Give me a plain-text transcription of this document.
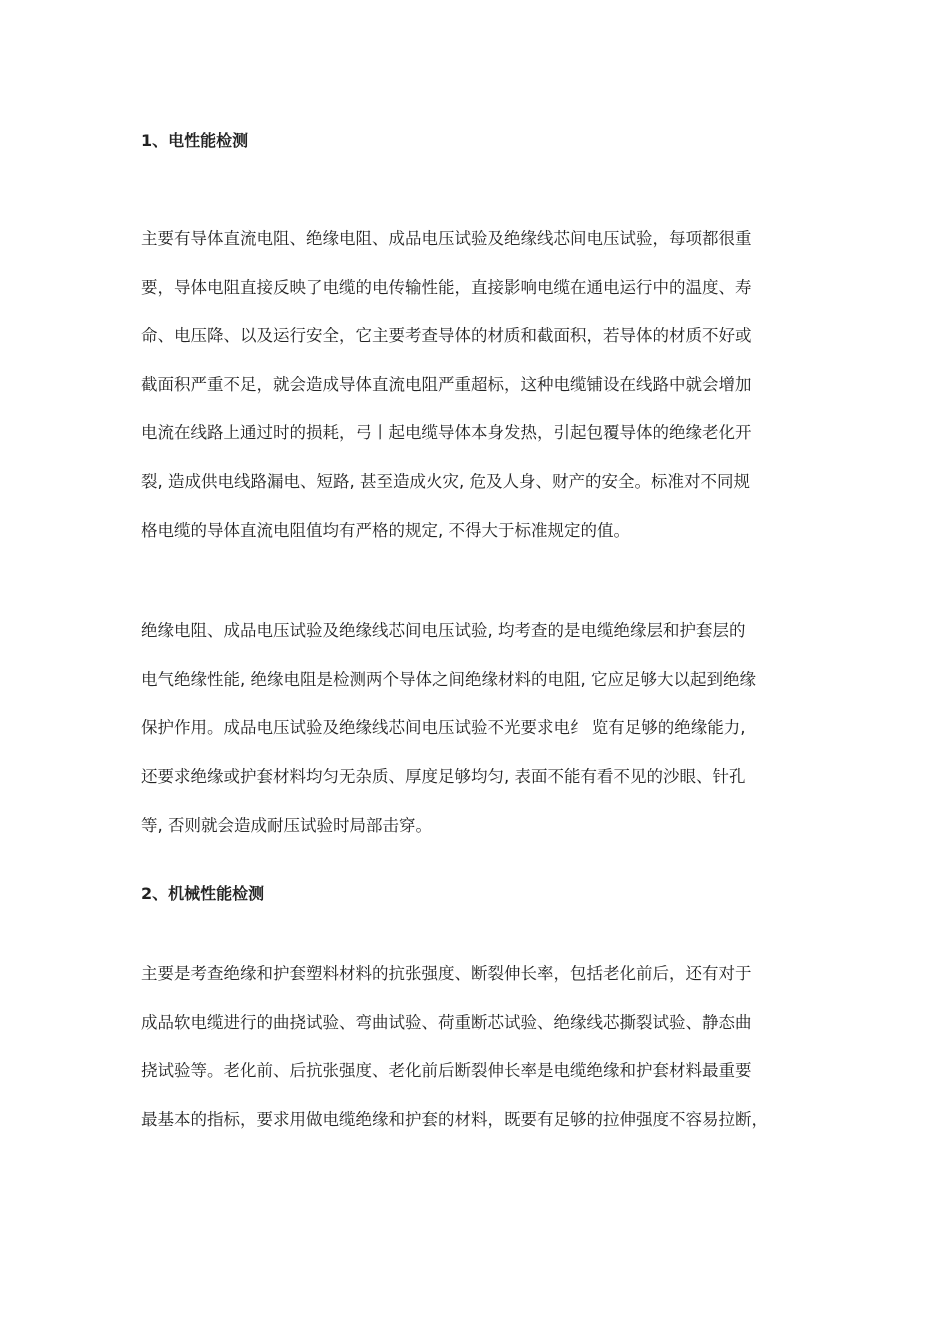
1、电性能检测

主要有导体直流电阻、绝缘电阻、成品电压试验及绝缘线芯间电压试验，每项都很重
要，导体电阻直接反映了电缆的电传输性能，直接影响电缆在通电运行中的温度、寿
命、电压降、以及运行安全，它主要考查导体的材质和截面积，若导体的材质不好或
截面积严重不足，就会造成导体直流电阻严重超标，这种电缆铺设在线路中就会增加
电流在线路上通过时的损耗，弓丨起电缆导体本身发热，引起包覆导体的绝缘老化开
裂, 造成供电线路漏电、短路, 甚至造成火灾, 危及人身、财产的安全。标准对不同规
格电缆的导体直流电阻值均有严格的规定, 不得大于标准规定的值。

绝缘电阻、成品电压试验及绝缘线芯间电压试验, 均考查的是电缆绝缘层和护套层的
电气绝缘性能, 绝缘电阻是检测两个导体之间绝缘材料的电阻, 它应足够大以起到绝缘
保护作用。成品电压试验及绝缘线芯间电压试验不光要求电纟 览有足够的绝缘能力,
还要求绝缘或护套材料均匀无杂质、厚度足够均匀, 表面不能有看不见的沙眼、针孔
等, 否则就会造成耐压试验时局部击穿。

2、机械性能检测

主要是考查绝缘和护套塑料材料的抗张强度、断裂伸长率，包括老化前后，还有对于
成品软电缆进行的曲挠试验、弯曲试验、荷重断芯试验、绝缘线芯撕裂试验、静态曲
挠试验等。老化前、后抗张强度、老化前后断裂伸长率是电缆绝缘和护套材料最重要
最基本的指标，要求用做电缆绝缘和护套的材料，既要有足够的拉伸强度不容易拉断，
